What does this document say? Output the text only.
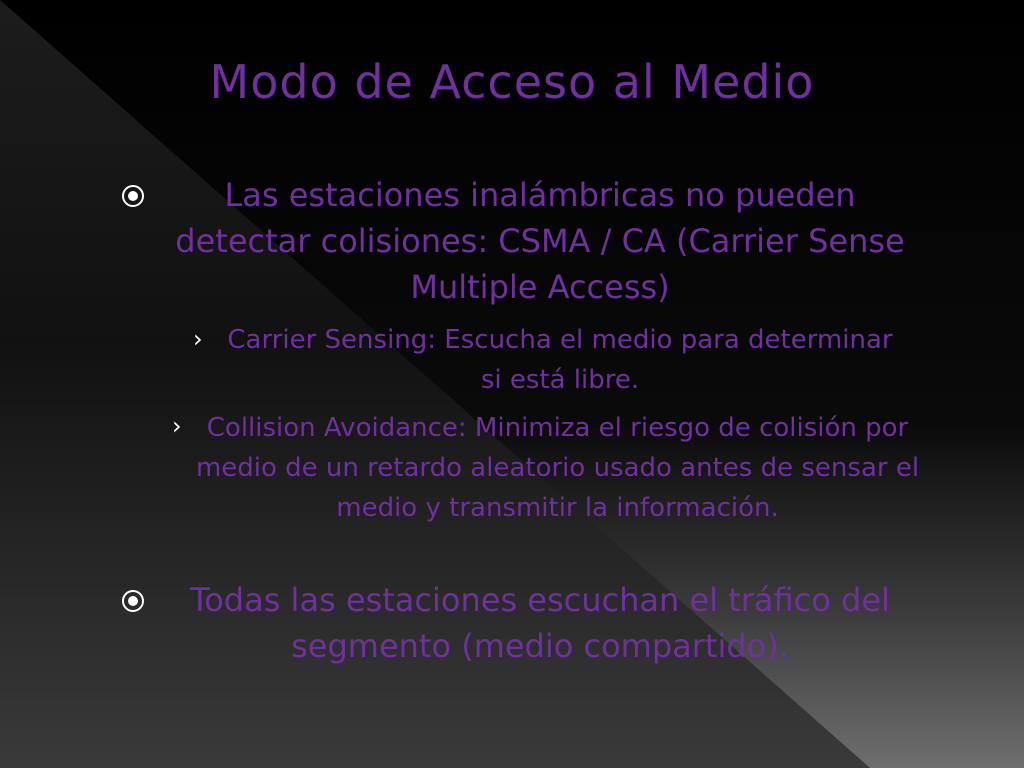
Modo de Acceso al Medio
Las estaciones inalámbricas no pueden detectar colisiones: CSMA / CA (Carrier Sense Multiple Access)
› Carrier Sensing: Escucha el medio para determinar si está libre.
› Collision Avoidance: Minimiza el riesgo de colisión por medio de un retardo aleatorio usado antes de sensar el medio y transmitir la información.
Todas las estaciones escuchan el tráfico del segmento (medio compartido).
